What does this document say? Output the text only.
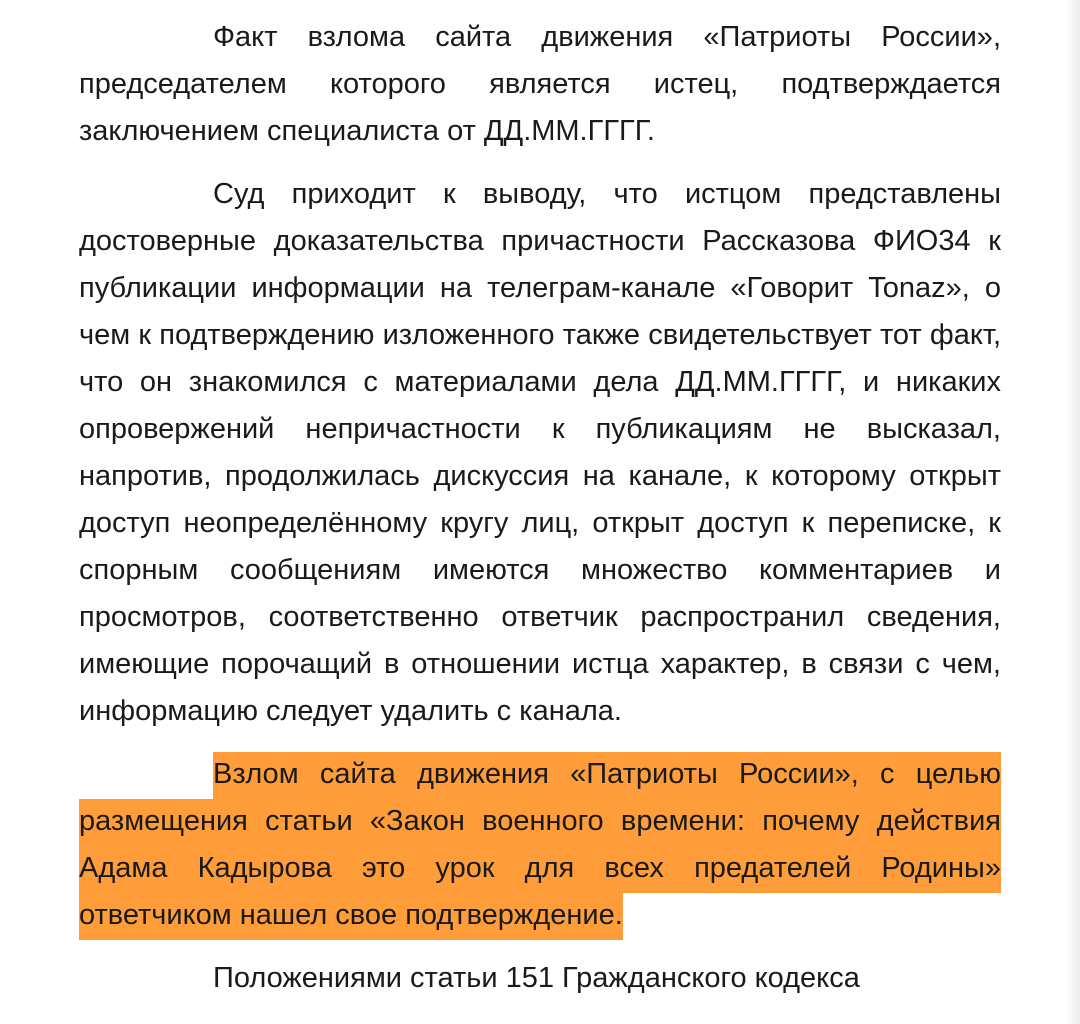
Факт взлома сайта движения «Патриоты России», председателем которого является истец, подтверждается заключением специалиста от ДД.ММ.ГГГГ.

Суд приходит к выводу, что истцом представлены достоверные доказательства причастности Рассказова ФИО34 к публикации информации на телеграм-канале «Говорит Tonaz», о чем к подтверждению изложенного также свидетельствует тот факт, что он знакомился с материалами дела ДД.ММ.ГГГГ, и никаких опровержений непричастности к публикациям не высказал, напротив, продолжилась дискуссия на канале, к которому открыт доступ неопределённому кругу лиц, открыт доступ к переписке, к спорным сообщениям имеются множество комментариев и просмотров, соответственно ответчик распространил сведения, имеющие порочащий в отношении истца характер, в связи с чем, информацию следует удалить с канала.

Взлом сайта движения «Патриоты России», с целью размещения статьи «Закон военного времени: почему действия Адама Кадырова это урок для всех предателей Родины» ответчиком нашел свое подтверждение.

Положениями статьи 151 Гражданского кодекса
